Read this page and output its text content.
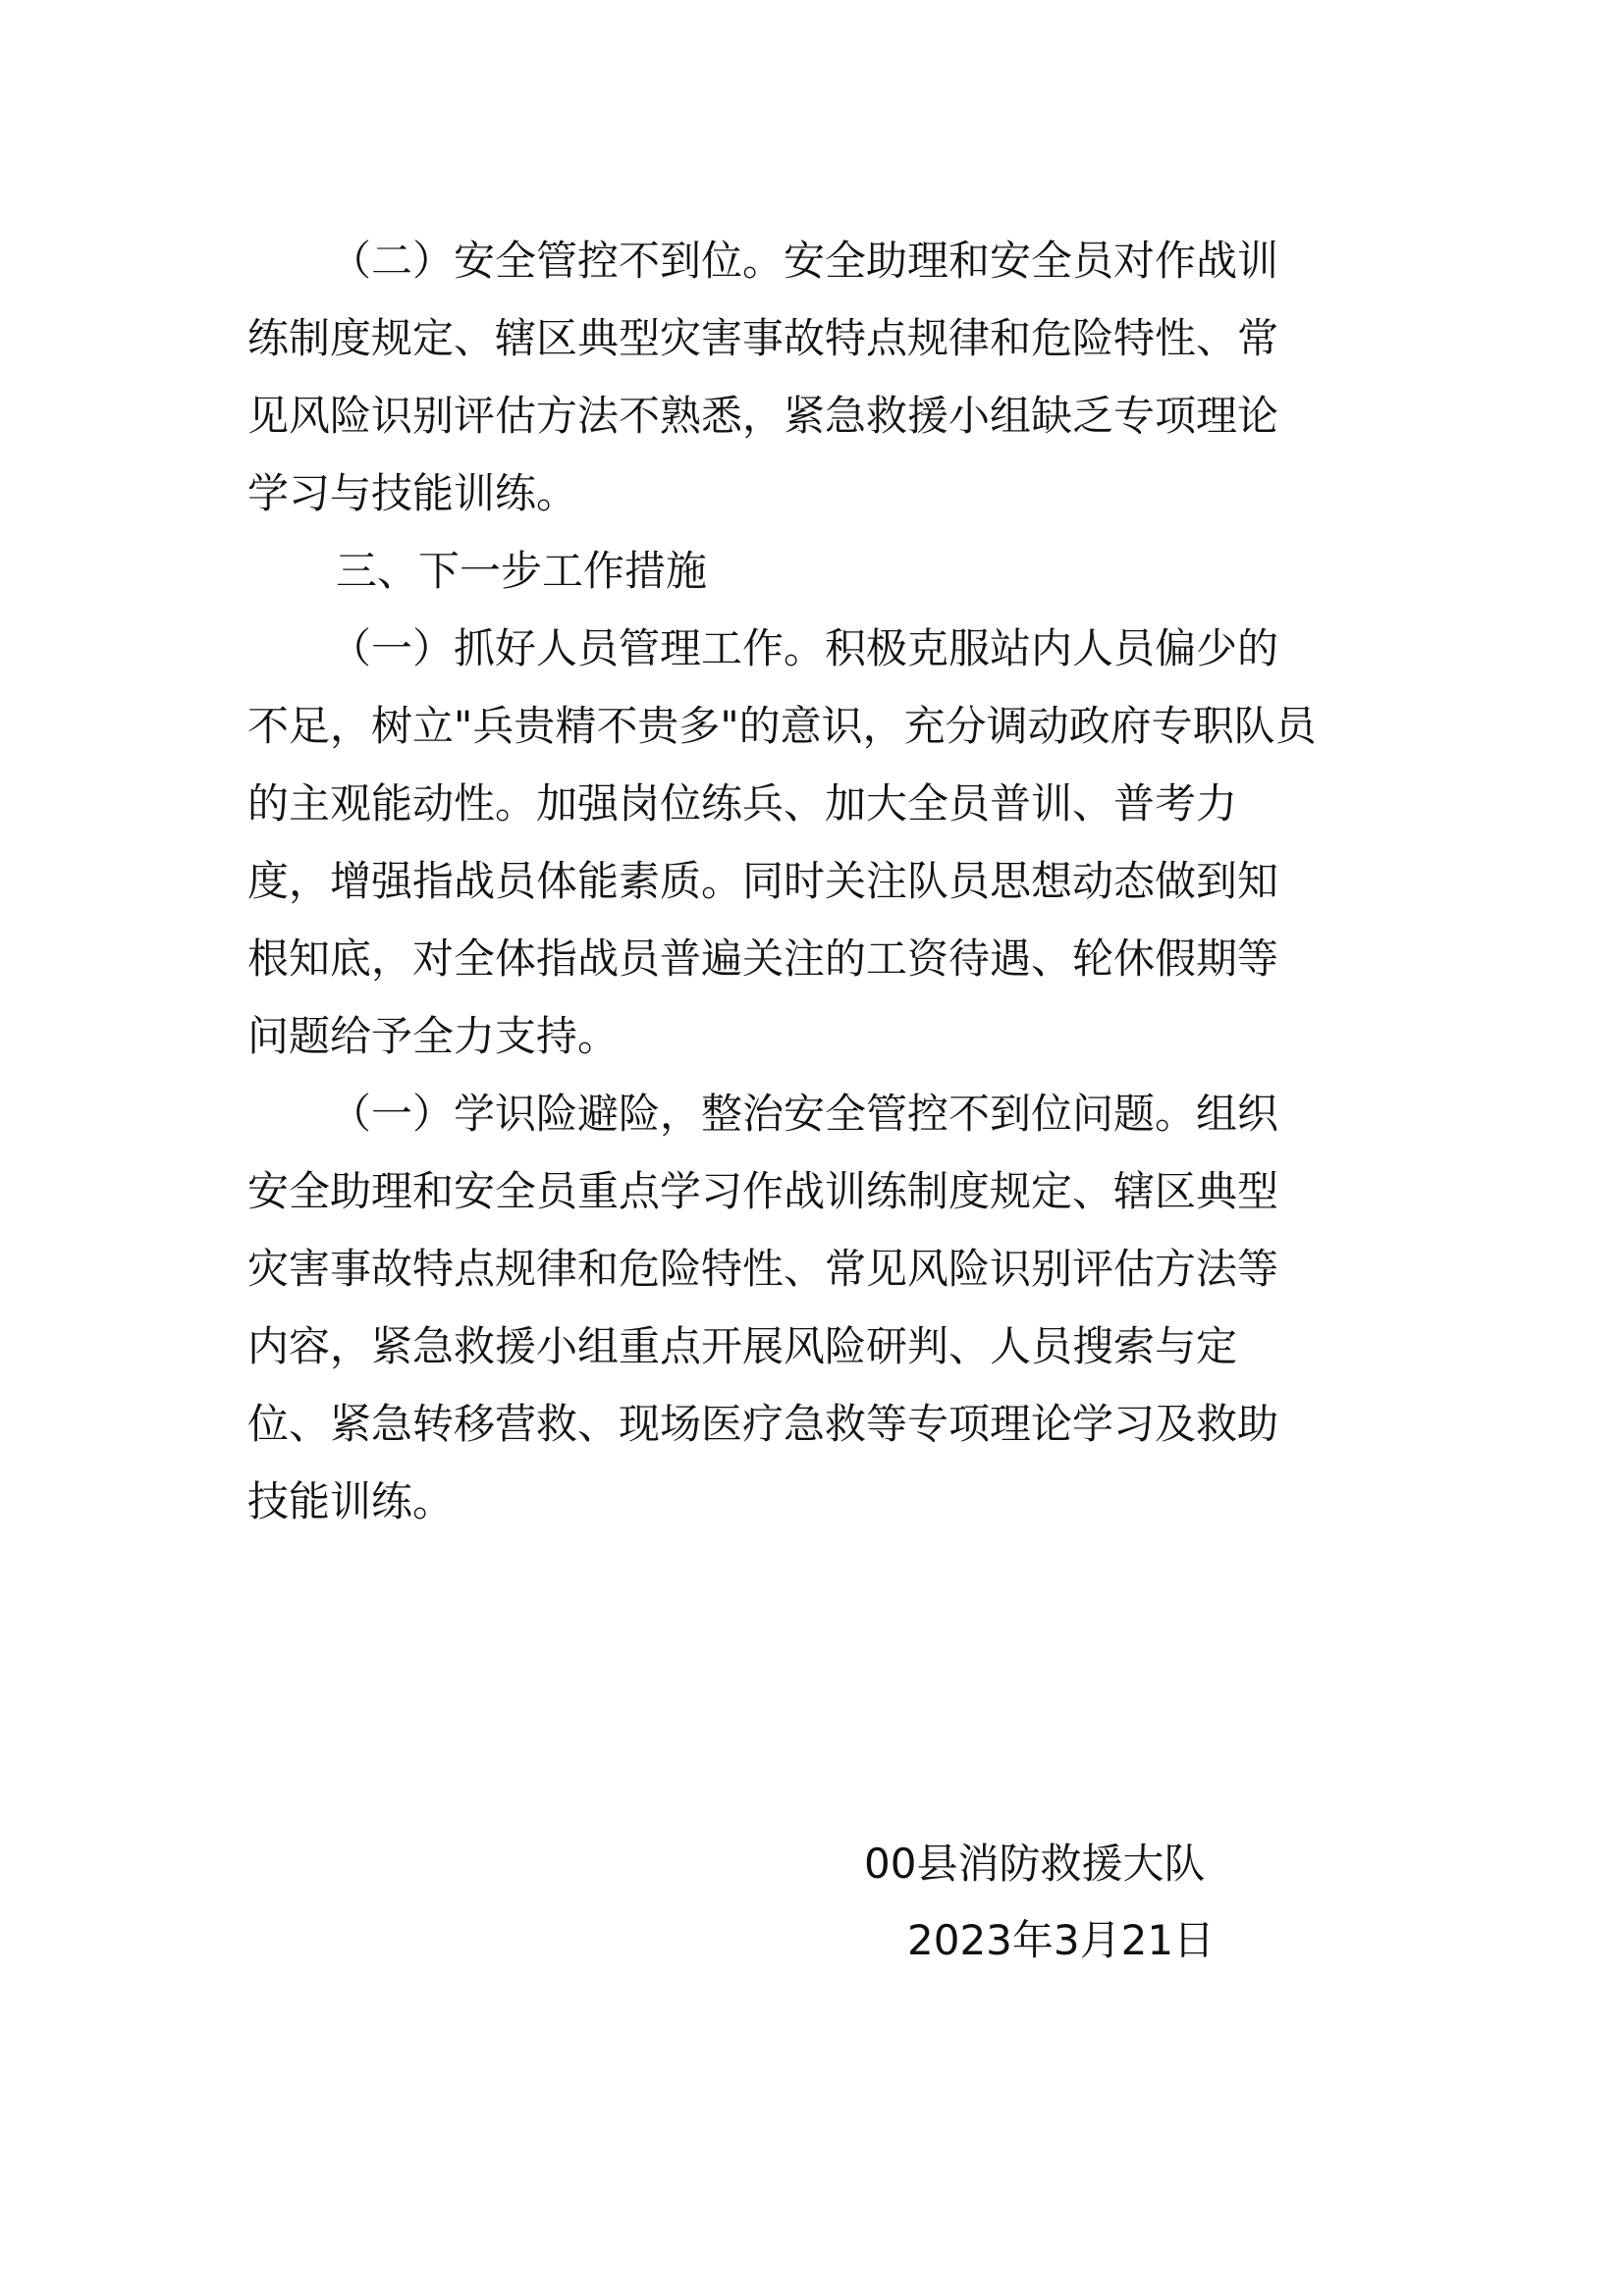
（二）安全管控不到位。安全助理和安全员对作战训
练制度规定、辖区典型灾害事故特点规律和危险特性、常
见风险识别评估方法不熟悉，紧急救援小组缺乏专项理论
学习与技能训练。
三、下一步工作措施
（一）抓好人员管理工作。积极克服站内人员偏少的
不足，树立"兵贵精不贵多"的意识，充分调动政府专职队员
的主观能动性。加强岗位练兵、加大全员普训、普考力
度，增强指战员体能素质。同时关注队员思想动态做到知
根知底，对全体指战员普遍关注的工资待遇、轮休假期等
问题给予全力支持。
（一）学识险避险，整治安全管控不到位问题。组织
安全助理和安全员重点学习作战训练制度规定、辖区典型
灾害事故特点规律和危险特性、常见风险识别评估方法等
内容，紧急救援小组重点开展风险研判、人员搜索与定
位、紧急转移营救、现场医疗急救等专项理论学习及救助
技能训练。
00县消防救援大队
2023年3月21日
